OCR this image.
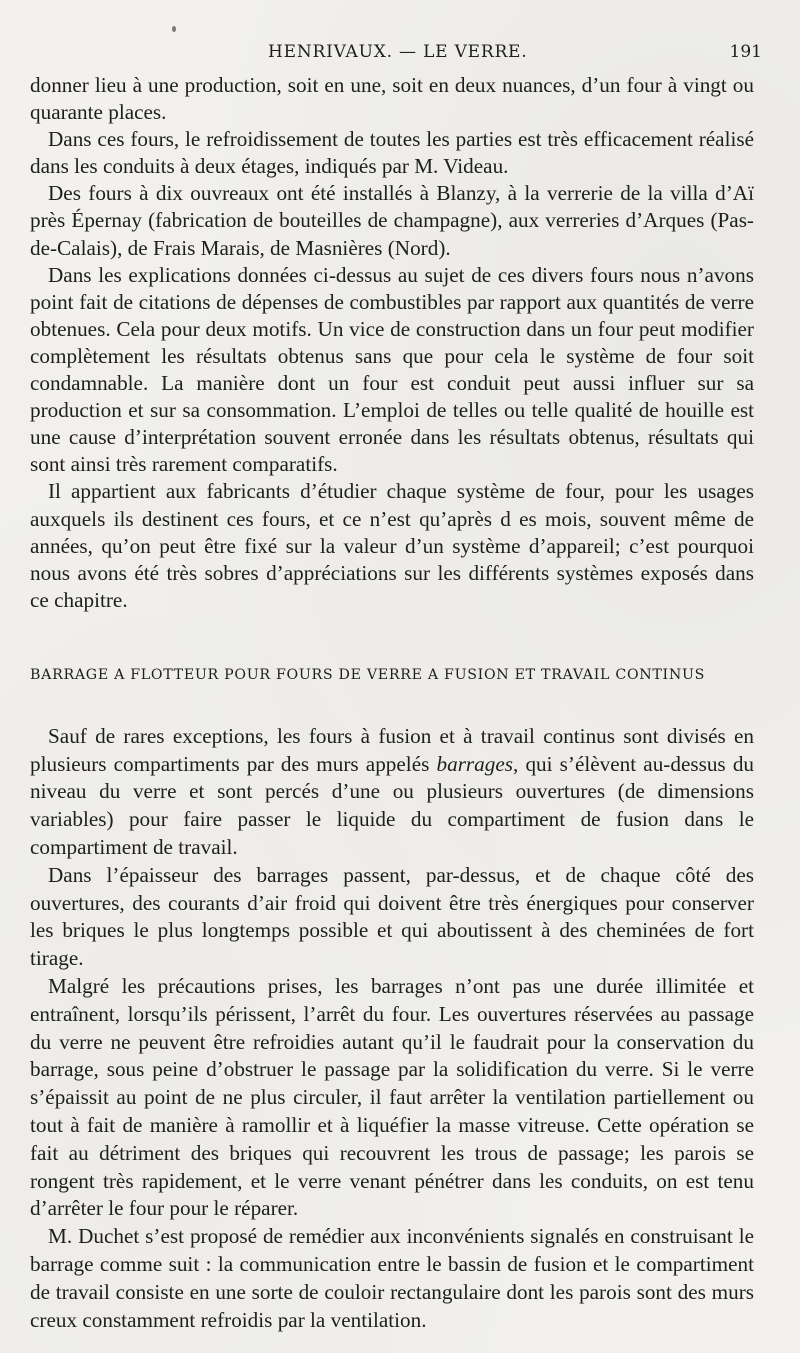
HENRIVAUX. — LE VERRE.	191

donner lieu à une production, soit en une, soit en deux nuances, d’un four à vingt ou quarante places.

Dans ces fours, le refroidissement de toutes les parties est très efficacement réalisé dans les conduits à deux étages, indiqués par M. Videau.

Des fours à dix ouvreaux ont été installés à Blanzy, à la verrerie de la villa d’Aï près Épernay (fabrication de bouteilles de champagne), aux verreries d’Arques (Pas-de-Calais), de Frais Marais, de Masnières (Nord).

Dans les explications données ci-dessus au sujet de ces divers fours nous n’avons point fait de citations de dépenses de combustibles par rapport aux quantités de verre obtenues. Cela pour deux motifs. Un vice de construction dans un four peut modifier complètement les résultats obtenus sans que pour cela le système de four soit condamnable. La manière dont un four est conduit peut aussi influer sur sa production et sur sa consommation. L’emploi de telles ou telle qualité de houille est une cause d’interprétation souvent erronée dans les résultats obtenus, résultats qui sont ainsi très rarement comparatifs.

Il appartient aux fabricants d’étudier chaque système de four, pour les usages auxquels ils destinent ces fours, et ce n’est qu’après d es mois, souvent même de années, qu’on peut être fixé sur la valeur d’un système d’appareil; c’est pourquoi nous avons été très sobres d’appréciations sur les différents systèmes exposés dans ce chapitre.

BARRAGE A FLOTTEUR POUR FOURS DE VERRE A FUSION ET TRAVAIL CONTINUS

Sauf de rares exceptions, les fours à fusion et à travail continus sont divisés en plusieurs compartiments par des murs appelés barrages, qui s’élèvent au-dessus du niveau du verre et sont percés d’une ou plusieurs ouvertures (de dimensions variables) pour faire passer le liquide du compartiment de fusion dans le compartiment de travail.

Dans l’épaisseur des barrages passent, par-dessus, et de chaque côté des ouvertures, des courants d’air froid qui doivent être très énergiques pour conserver les briques le plus longtemps possible et qui aboutissent à des cheminées de fort tirage.

Malgré les précautions prises, les barrages n’ont pas une durée illimitée et entraînent, lorsqu’ils périssent, l’arrêt du four. Les ouvertures réservées au passage du verre ne peuvent être refroidies autant qu’il le faudrait pour la conservation du barrage, sous peine d’obstruer le passage par la solidification du verre. Si le verre s’épaissit au point de ne plus circuler, il faut arrêter la ventilation partiellement ou tout à fait de manière à ramollir et à liquéfier la masse vitreuse. Cette opération se fait au détriment des briques qui recouvrent les trous de passage; les parois se rongent très rapidement, et le verre venant pénétrer dans les conduits, on est tenu d’arrêter le four pour le réparer.

M. Duchet s’est proposé de remédier aux inconvénients signalés en construisant le barrage comme suit : la communication entre le bassin de fusion et le compartiment de travail consiste en une sorte de couloir rectangulaire dont les parois sont des murs creux constamment refroidis par la ventilation.
